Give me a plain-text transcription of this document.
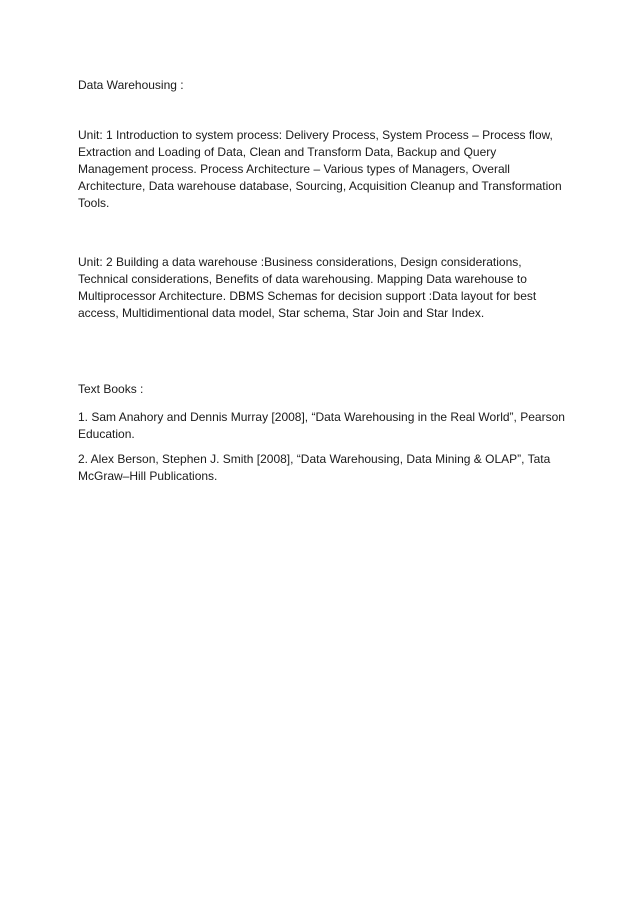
Data Warehousing :

Unit: 1 Introduction to system process: Delivery Process, System Process – Process flow, Extraction and Loading of Data, Clean and Transform Data, Backup and Query Management process. Process Architecture – Various types of Managers, Overall Architecture, Data warehouse database, Sourcing, Acquisition Cleanup and Transformation Tools.

Unit: 2 Building a data warehouse :Business considerations, Design considerations, Technical considerations, Benefits of data warehousing. Mapping Data warehouse to Multiprocessor Architecture. DBMS Schemas for decision support :Data layout for best access, Multidimentional data model, Star schema, Star Join and Star Index.

Text Books :

1. Sam Anahory and Dennis Murray [2008], “Data Warehousing in the Real World”, Pearson Education.

2. Alex Berson, Stephen J. Smith [2008], “Data Warehousing, Data Mining & OLAP”, Tata McGraw–Hill Publications.
